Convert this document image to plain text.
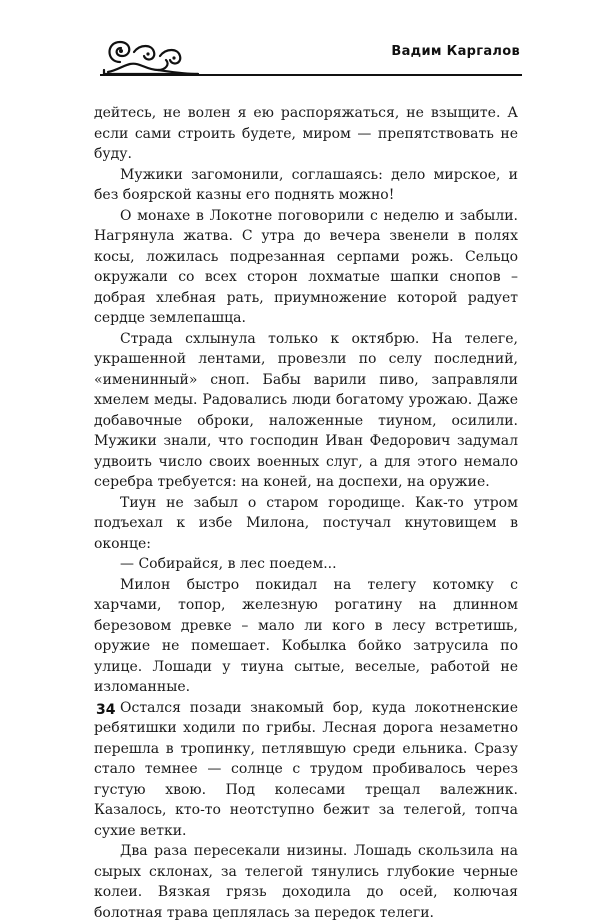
Вадим Каргалов

дейтесь, не волен я ею распоряжаться, не взыщите. А если сами строить будете, миром — препятствовать не буду.

Мужики загомонили, соглашаясь: дело мирское, и без боярской казны его поднять можно!

О монахе в Локотне поговорили с неделю и забыли. Нагрянула жатва. С утра до вечера звенели в полях косы, ложилась подрезанная серпами рожь. Сельцо окружали со всех сторон лохматые шапки снопов – добрая хлебная рать, приумножение которой радует сердце землепашца.

Страда схлынула только к октябрю. На телеге, украшенной лентами, провезли по селу последний, «именинный» сноп. Бабы варили пиво, заправляли хмелем меды. Радовались люди богатому урожаю. Даже добавочные оброки, наложенные тиуном, осилили. Мужики знали, что господин Иван Федорович задумал удвоить число своих военных слуг, а для этого немало серебра требуется: на коней, на доспехи, на оружие.

Тиун не забыл о старом городище. Как-то утром подъехал к избе Милона, постучал кнутовищем в оконце:

— Собирайся, в лес поедем...

Милон быстро покидал на телегу котомку с харчами, топор, железную рогатину на длинном березовом древке – мало ли кого в лесу встретишь, оружие не помешает. Кобылка бойко затрусила по улице. Лошади у тиуна сытые, веселые, работой не изломанные.

Остался позади знакомый бор, куда локотненские ребятишки ходили по грибы. Лесная дорога незаметно перешла в тропинку, петлявшую среди ельника. Сразу стало темнее — солнце с трудом пробивалось через густую хвою. Под колесами трещал валежник. Казалось, кто-то неотступно бежит за телегой, топча сухие ветки.

Два раза пересекали низины. Лошадь скользила на сырых склонах, за телегой тянулись глубокие черные колеи. Вязкая грязь доходила до осей, колючая болотная трава цеплялась за передок телеги.

34
